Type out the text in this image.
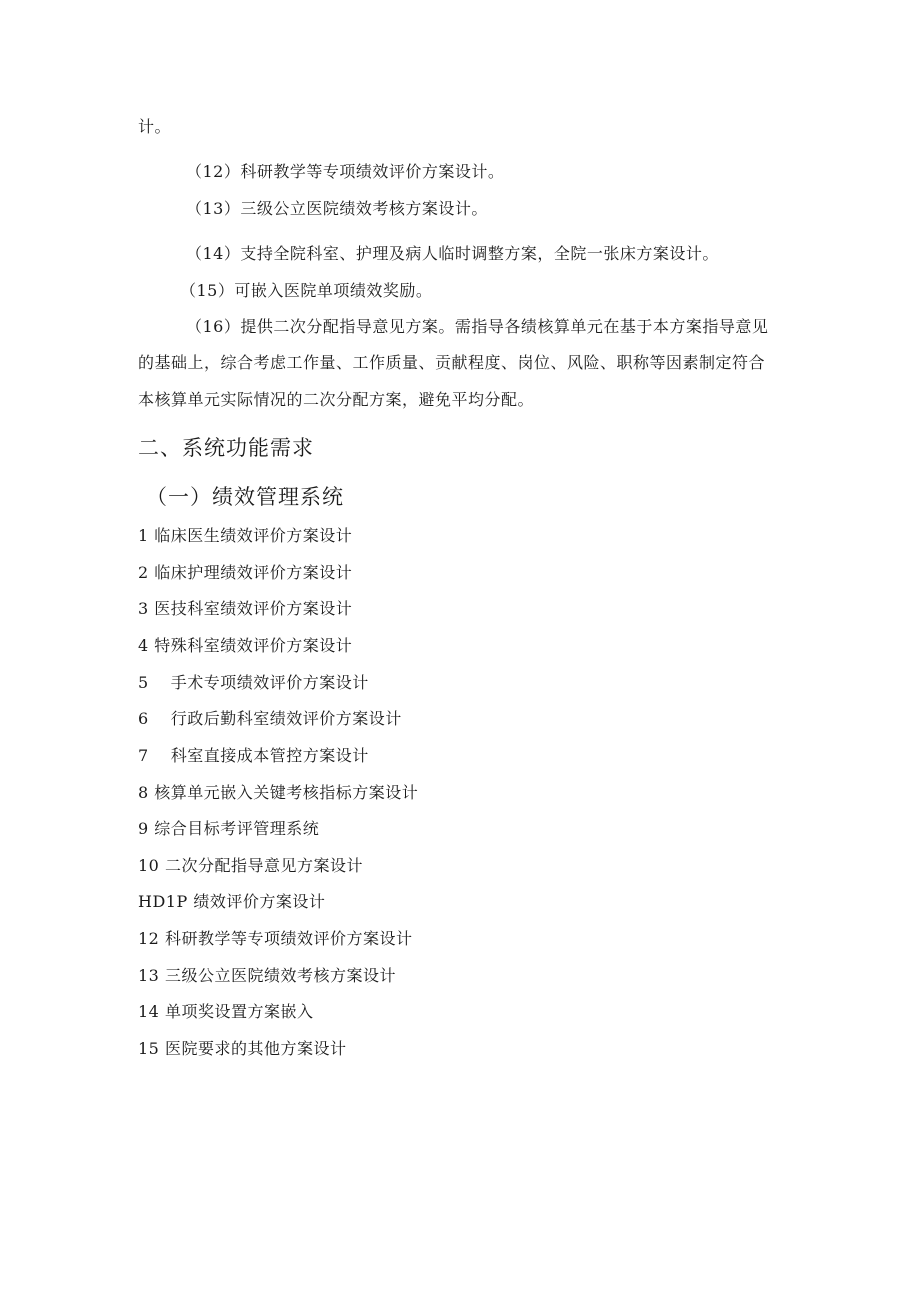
计。
（12）科研教学等专项绩效评价方案设计。
（13）三级公立医院绩效考核方案设计。
（14）支持全院科室、护理及病人临时调整方案，全院一张床方案设计。
（15）可嵌入医院单项绩效奖励。
（16）提供二次分配指导意见方案。需指导各绩核算单元在基于本方案指导意见
的基础上，综合考虑工作量、工作质量、贡献程度、岗位、风险、职称等因素制定符合
本核算单元实际情况的二次分配方案，避免平均分配。
二、系统功能需求
（一）绩效管理系统
1 临床医生绩效评价方案设计
2 临床护理绩效评价方案设计
3 医技科室绩效评价方案设计
4 特殊科室绩效评价方案设计
5　 手术专项绩效评价方案设计
6　 行政后勤科室绩效评价方案设计
7　 科室直接成本管控方案设计
8 核算单元嵌入关键考核指标方案设计
9 综合目标考评管理系统
10 二次分配指导意见方案设计
HD1P 绩效评价方案设计
12 科研教学等专项绩效评价方案设计
13 三级公立医院绩效考核方案设计
14 单项奖设置方案嵌入
15 医院要求的其他方案设计
